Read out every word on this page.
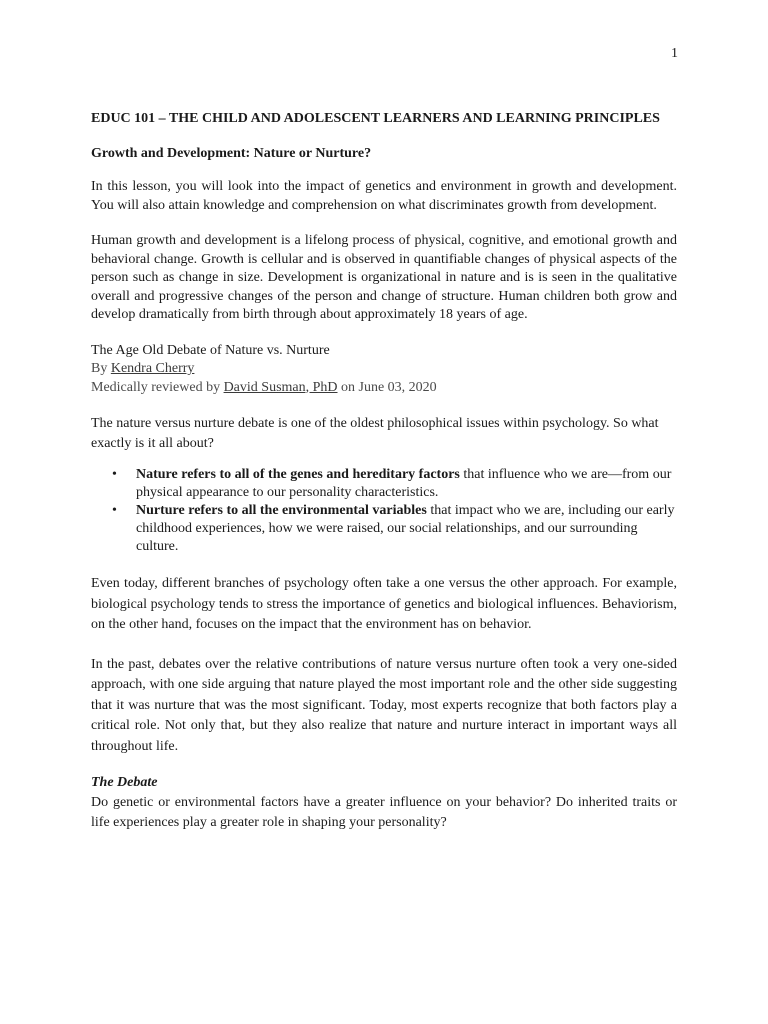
1
EDUC 101 – THE CHILD AND ADOLESCENT LEARNERS AND LEARNING PRINCIPLES
Growth and Development: Nature or Nurture?

In this lesson, you will look into the impact of genetics and environment in growth and development. You will also attain knowledge and comprehension on what discriminates growth from development.

Human growth and development is a lifelong process of physical, cognitive, and emotional growth and behavioral change. Growth is cellular and is observed in quantifiable changes of physical aspects of the person such as change in size. Development is organizational in nature and is is seen in the qualitative overall and progressive changes of the person and change of structure. Human children both grow and develop dramatically from birth through about approximately 18 years of age.

The Age Old Debate of Nature vs. Nurture
By Kendra Cherry
Medically reviewed by David Susman, PhD on June 03, 2020

The nature versus nurture debate is one of the oldest philosophical issues within psychology. So what exactly is it all about?

• Nature refers to all of the genes and hereditary factors that influence who we are—from our physical appearance to our personality characteristics.
• Nurture refers to all the environmental variables that impact who we are, including our early childhood experiences, how we were raised, our social relationships, and our surrounding culture.

Even today, different branches of psychology often take a one versus the other approach. For example, biological psychology tends to stress the importance of genetics and biological influences. Behaviorism, on the other hand, focuses on the impact that the environment has on behavior.

In the past, debates over the relative contributions of nature versus nurture often took a very one-sided approach, with one side arguing that nature played the most important role and the other side suggesting that it was nurture that was the most significant. Today, most experts recognize that both factors play a critical role. Not only that, but they also realize that nature and nurture interact in important ways all throughout life.

The Debate

Do genetic or environmental factors have a greater influence on your behavior? Do inherited traits or life experiences play a greater role in shaping your personality?
